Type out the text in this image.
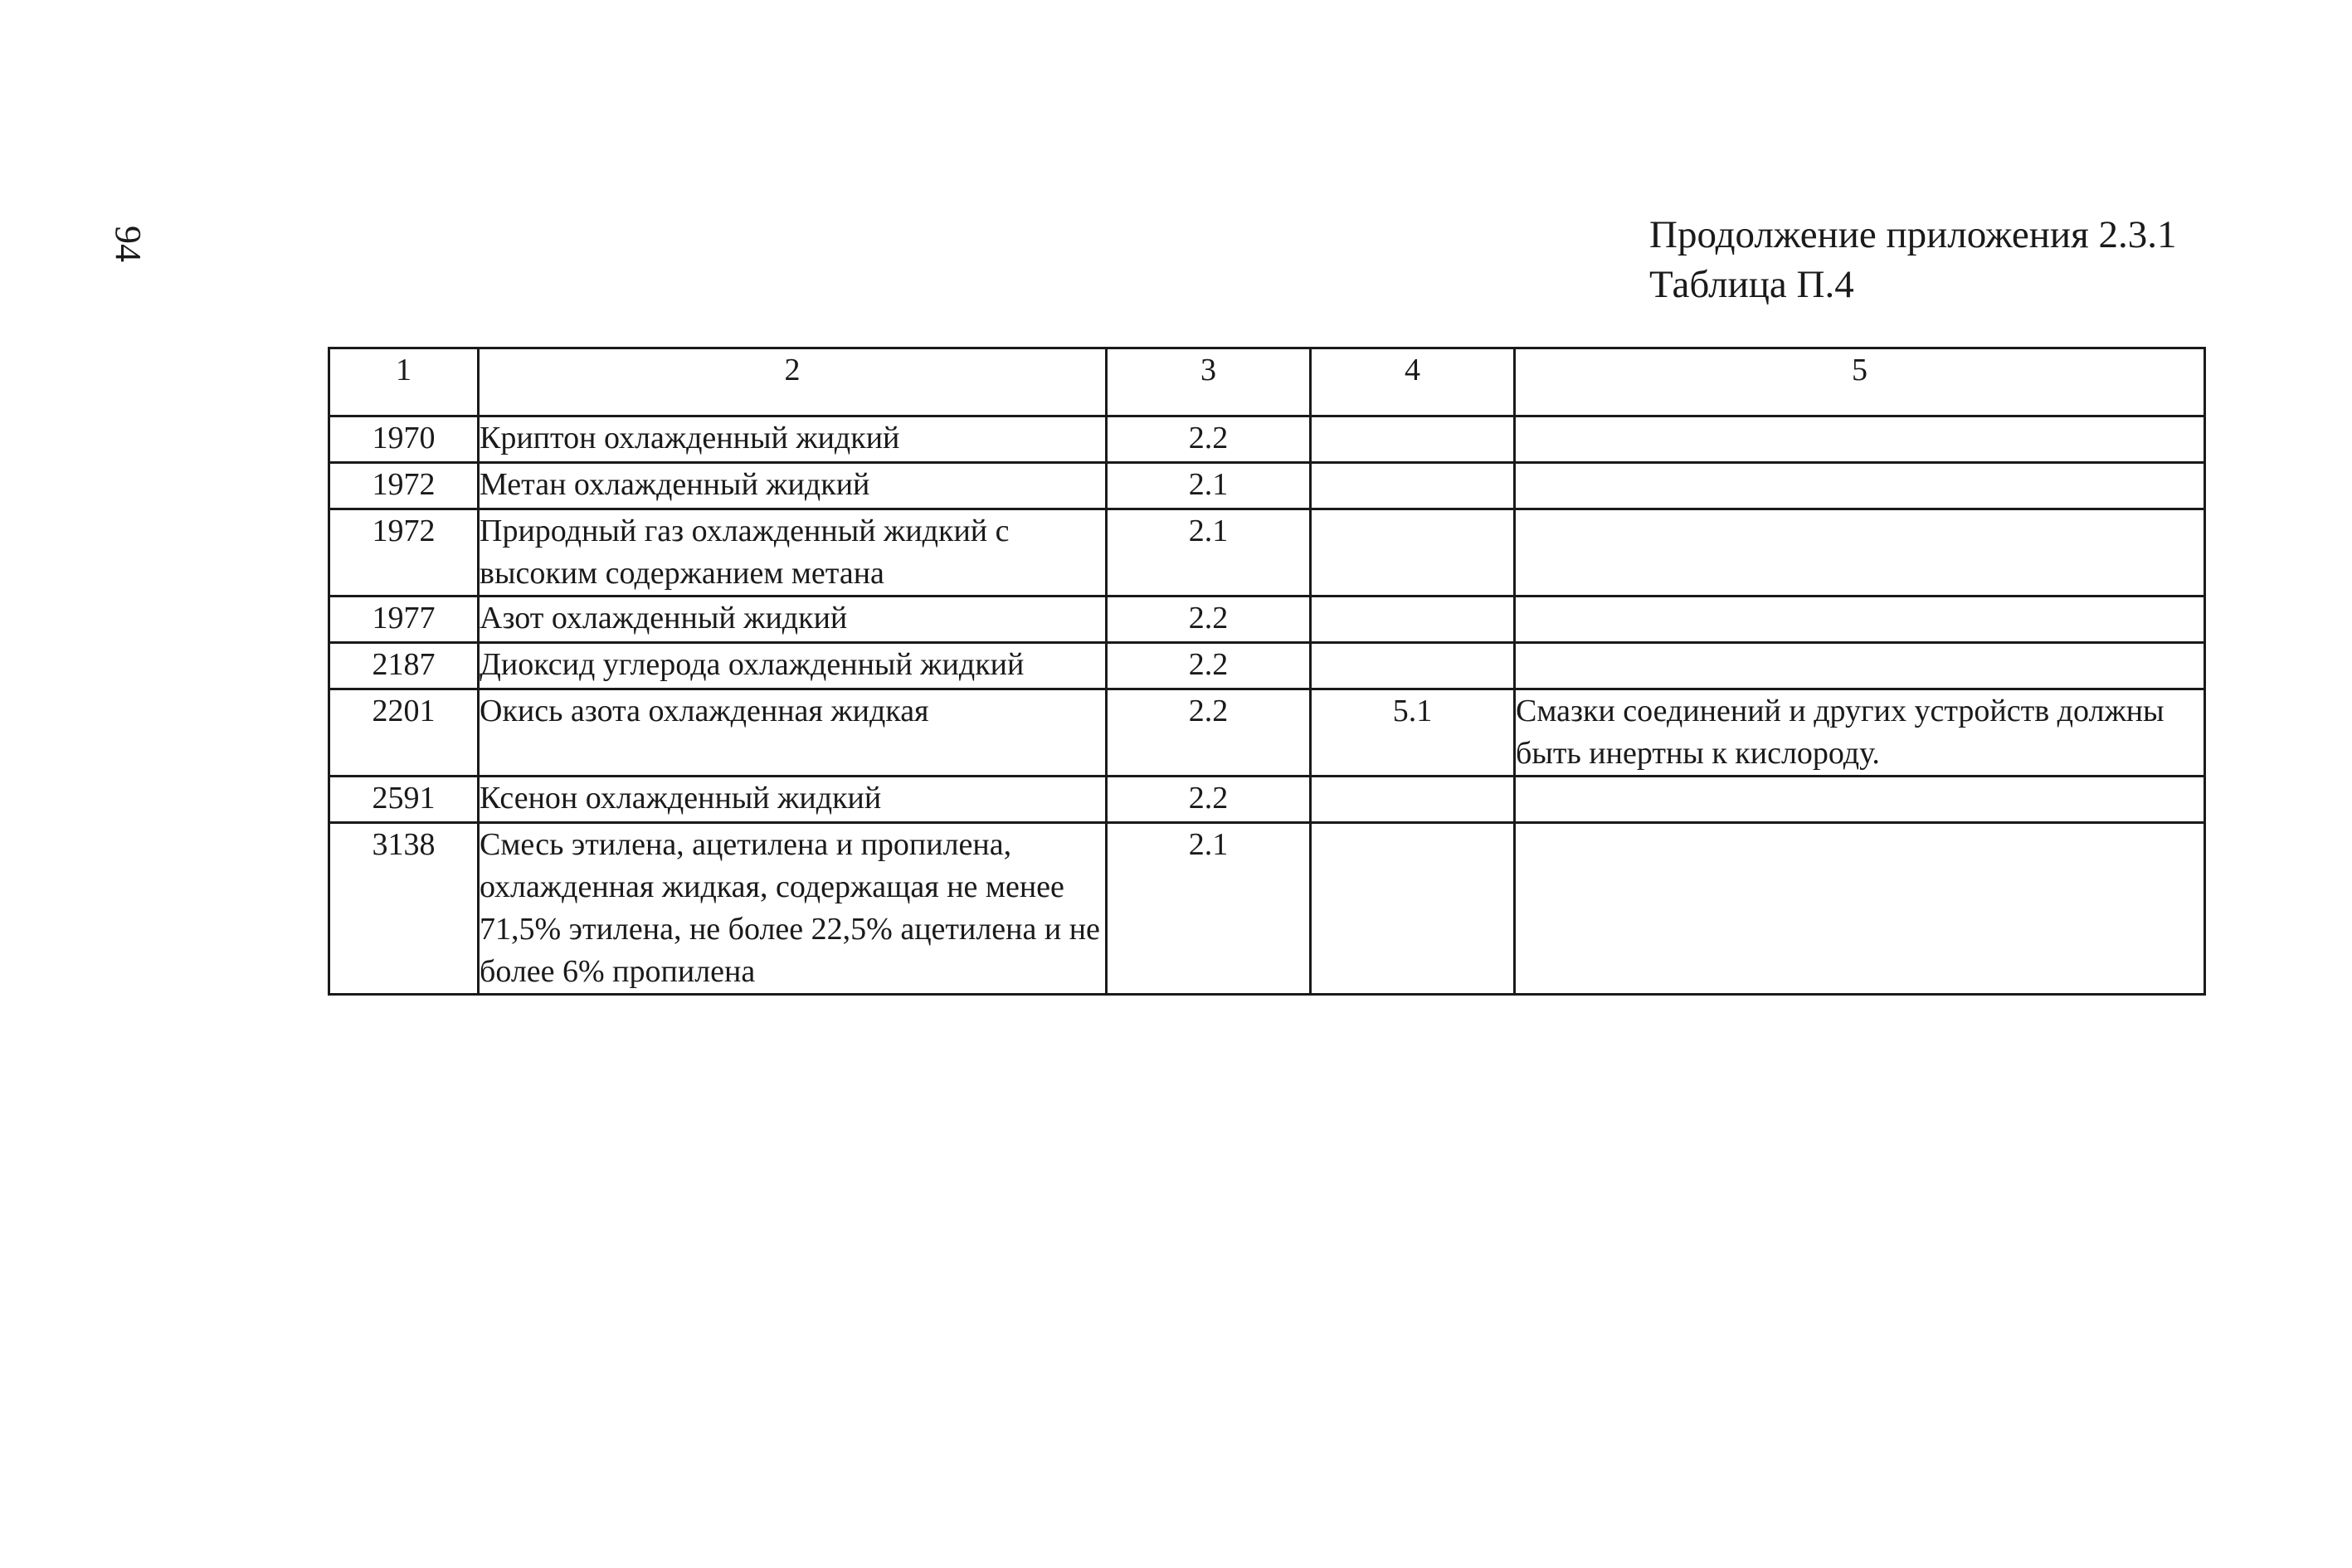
94	Продолжение приложения 2.3.1
Таблица П.4
1	2	3	4	5
1970	Криптон охлажденный жидкий	2.2		
1972	Метан охлажденный жидкий	2.1		
1972	Природный газ охлажденный жидкий с высоким содержанием метана	2.1		
1977	Азот охлажденный жидкий	2.2		
2187	Диоксид углерода охлажденный жидкий	2.2		
2201	Окись азота охлажденная жидкая	2.2	5.1	Смазки соединений и других устройств должны быть инертны к кислороду.
2591	Ксенон охлажденный жидкий	2.2		
3138	Смесь этилена, ацетилена и пропилена, охлажденная жидкая, содержащая не менее 71,5% этилена, не более 22,5% ацетилена и не более 6% пропилена	2.1		
